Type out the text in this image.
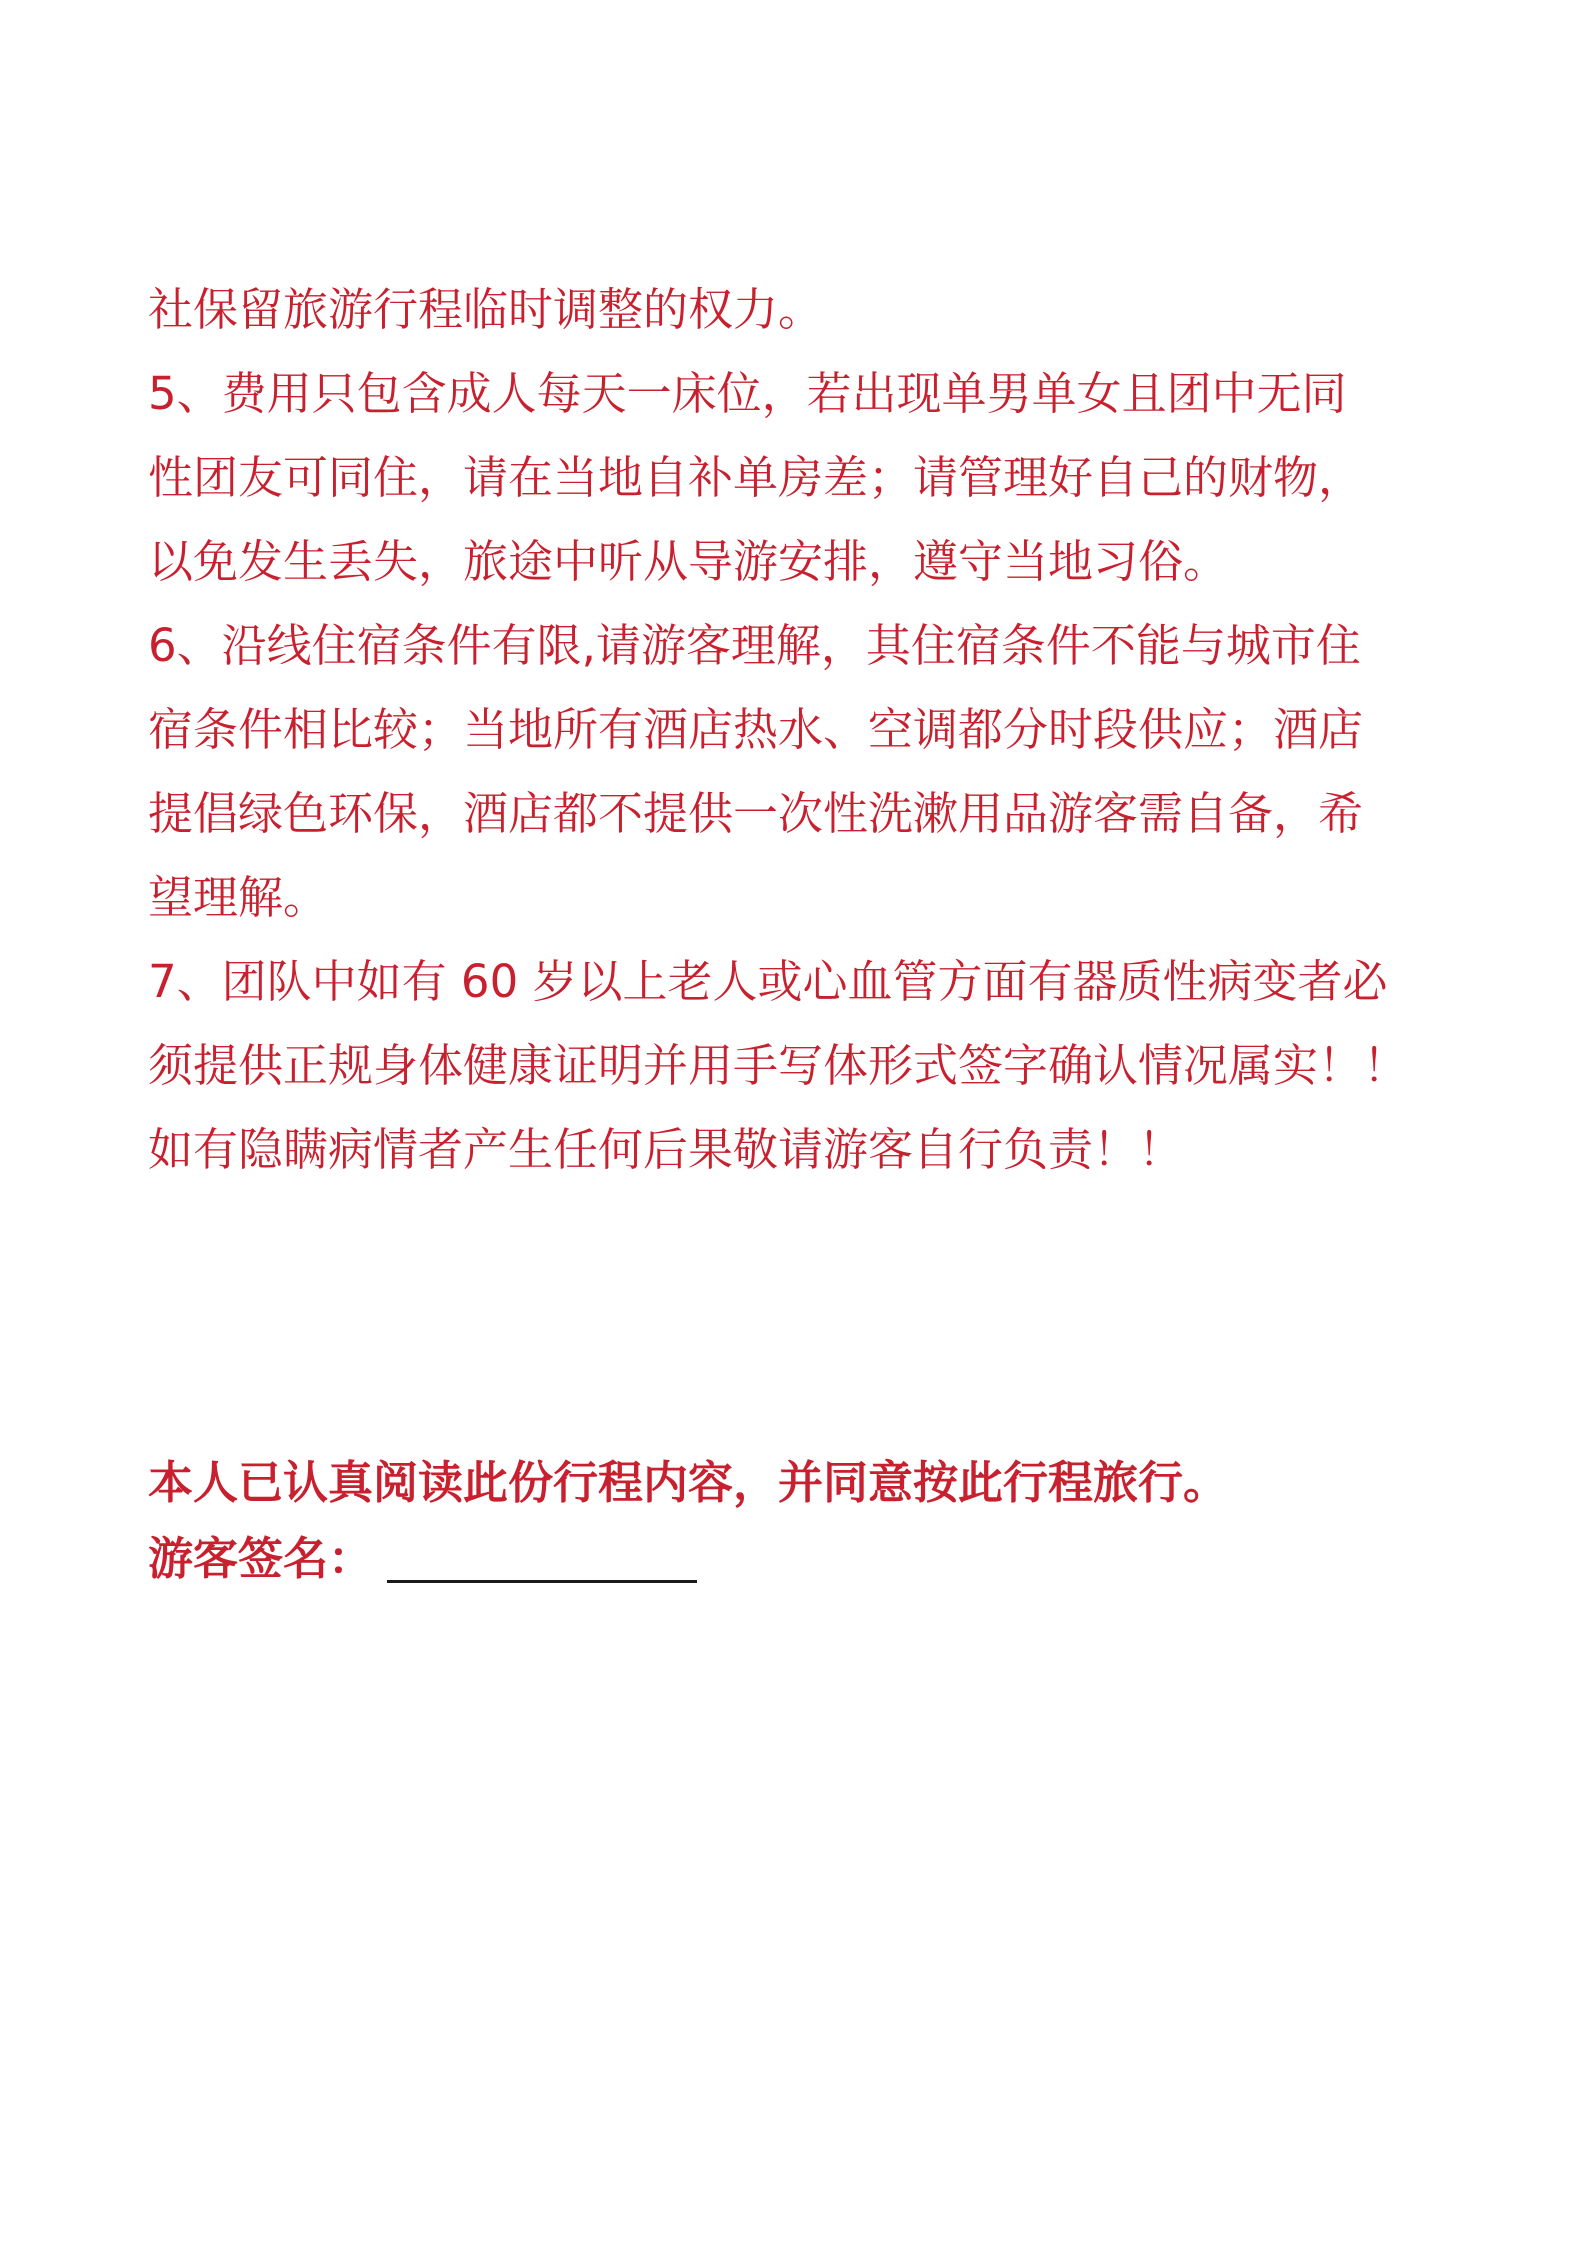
社保留旅游行程临时调整的权力。
5、费用只包含成人每天一床位，若出现单男单女且团中无同
性团友可同住，请在当地自补单房差；请管理好自己的财物，
以免发生丢失，旅途中听从导游安排，遵守当地习俗。
6、沿线住宿条件有限,请游客理解，其住宿条件不能与城市住
宿条件相比较；当地所有酒店热水、空调都分时段供应；酒店
提倡绿色环保，酒店都不提供一次性洗漱用品游客需自备，希
望理解。
7、团队中如有 60 岁以上老人或心血管方面有器质性病变者必
须提供正规身体健康证明并用手写体形式签字确认情况属实！！
如有隐瞒病情者产生任何后果敬请游客自行负责！！
本人已认真阅读此份行程内容，并同意按此行程旅行。
游客签名：
